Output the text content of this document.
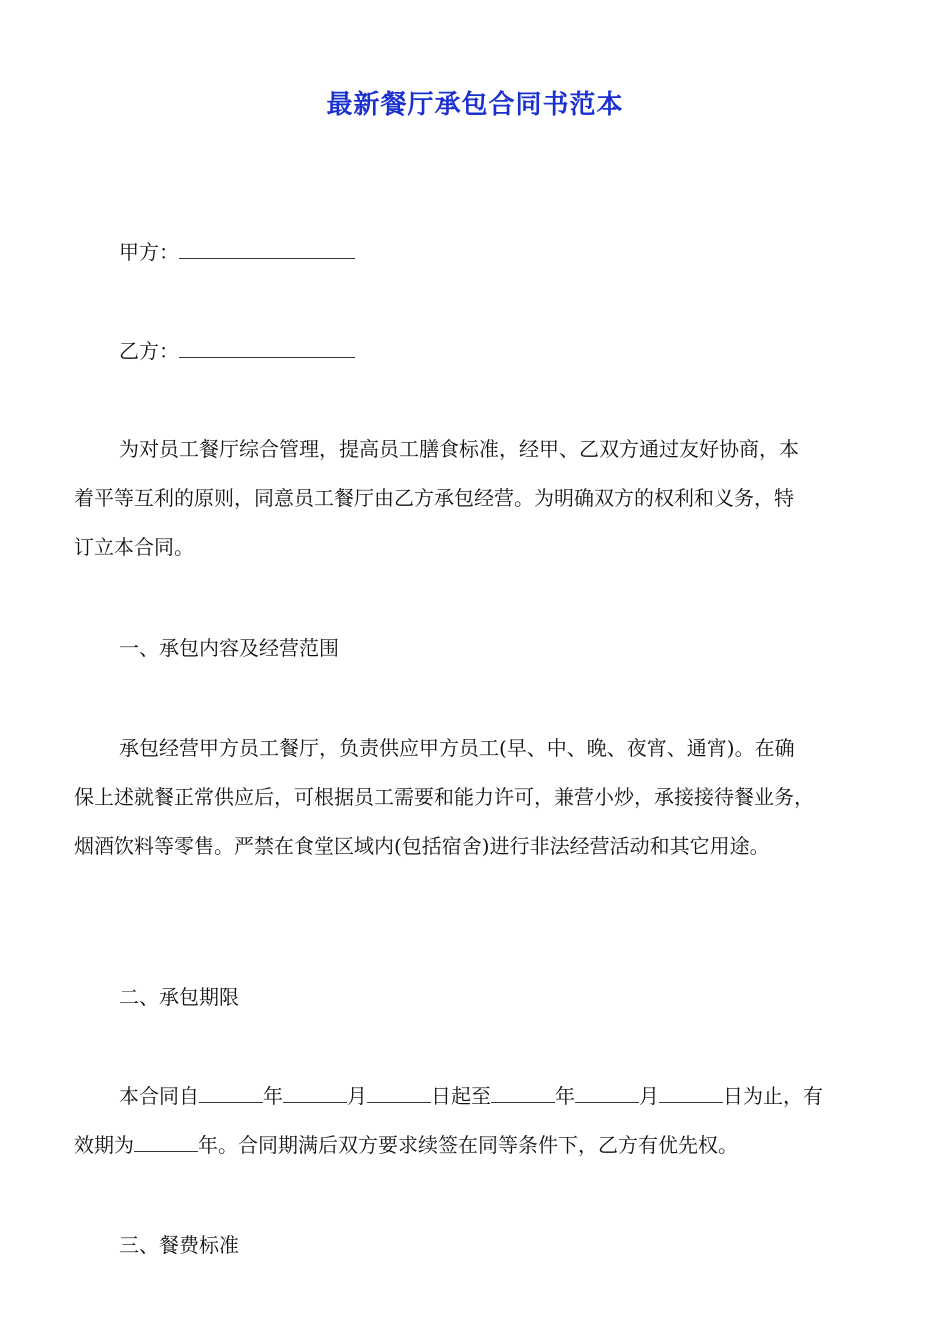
最新餐厅承包合同书范本

甲方：

乙方：

为对员工餐厅综合管理，提高员工膳食标准，经甲、乙双方通过友好协商，本
着平等互利的原则，同意员工餐厅由乙方承包经营。为明确双方的权利和义务，特
订立本合同。

一、承包内容及经营范围

承包经营甲方员工餐厅，负责供应甲方员工(早、中、晚、夜宵、通宵)。在确
保上述就餐正常供应后，可根据员工需要和能力许可，兼营小炒，承接接待餐业务，
烟酒饮料等零售。严禁在食堂区域内(包括宿舍)进行非法经营活动和其它用途。

二、承包期限

本合同自	年	月	日起至	年	月	日为止，有

效期为	年。合同期满后双方要求续签在同等条件下，乙方有优先权。

三、餐费标准
